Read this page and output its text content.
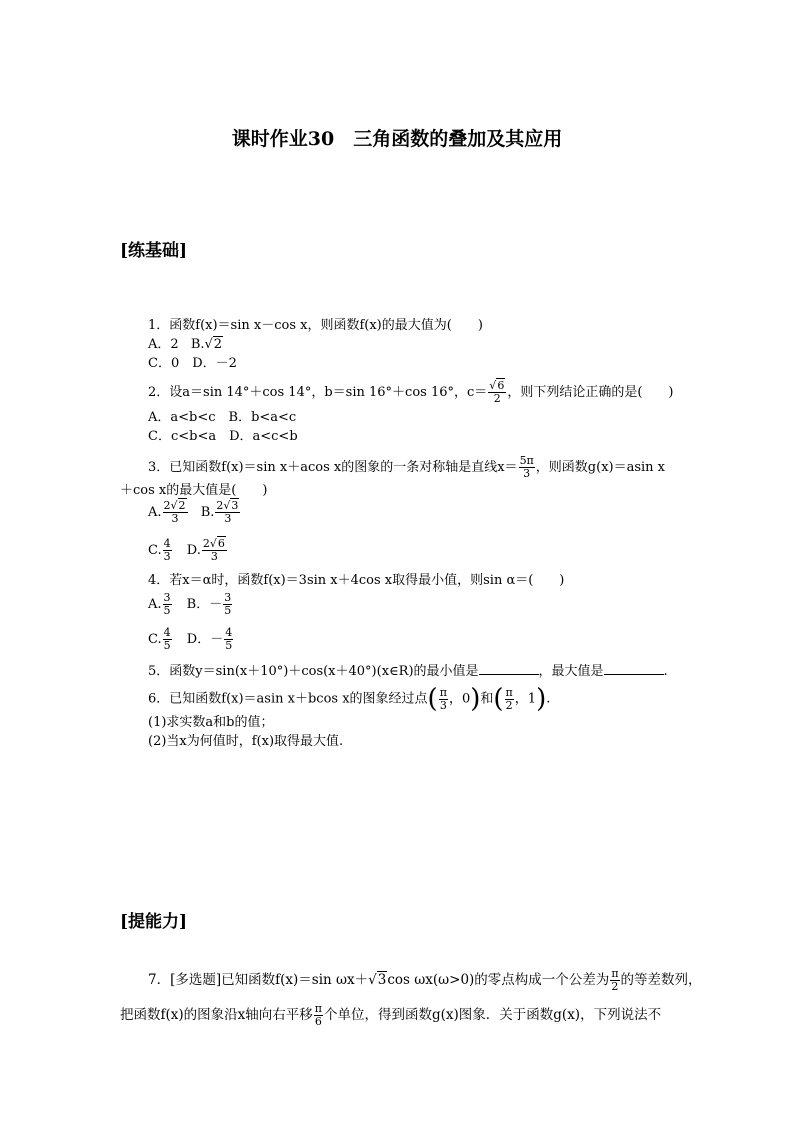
课时作业30　三角函数的叠加及其应用
[练基础]
1．函数f(x)＝sin x－cos x，则函数f(x)的最大值为(　　)
A．2 B.√2
C．0　D．－2
2．设a＝sin 14°＋cos 14°，b＝sin 16°＋cos 16°，$c= \frac{√6}{2}$ ，则下列结论正确的是(　　)
A．a<b<c　B．b<a<c
C．c<b<a　D．a<c<b
3．已知函数f(x)＝sin x＋acos x的图象的一条对称轴是直线$x= \frac{5\pi}{3}$ ，则函数g(x)＝asin x
＋cos x的最大值是(　　)
A. $\frac{2√2}{3} B$. $\frac{2√3}{3}$
C. $\frac{4}{3} D$. $\frac{2√6}{3}$
4．若x＝α时，函数f(x)＝3sin x＋4cos x取得最小值，则sin α＝(　　)
A. $\frac{3}{5}$ B．－ $\frac{3}{5}$
C. $\frac{4}{5}$ D．－ $\frac{4}{5}$
5．函数y＝sin(x＋10°)＋cos(x＋40°)(x∈R)的最小值是	，最大值是	.
6．已知函数f(x)＝asin x＋bcos x的图象经过点( $\frac{\pi}{3}$ ，0)和( $\frac{\pi}{2}$ ，1).
(1)求实数a和b的值；
(2)当x为何值时，f(x)取得最大值.
[提能力]
7．[多选题]已知函数f(x)＝sin ωx＋√3cos ωx(ω>0)的零点构成一个公差为 $\frac{\pi}{2}$ 的等差数列，
把函数f(x)的图象沿x轴向右平移 $\frac{\pi}{6}$ 个单位，得到函数g(x)图象．关于函数g(x)，下列说法不
